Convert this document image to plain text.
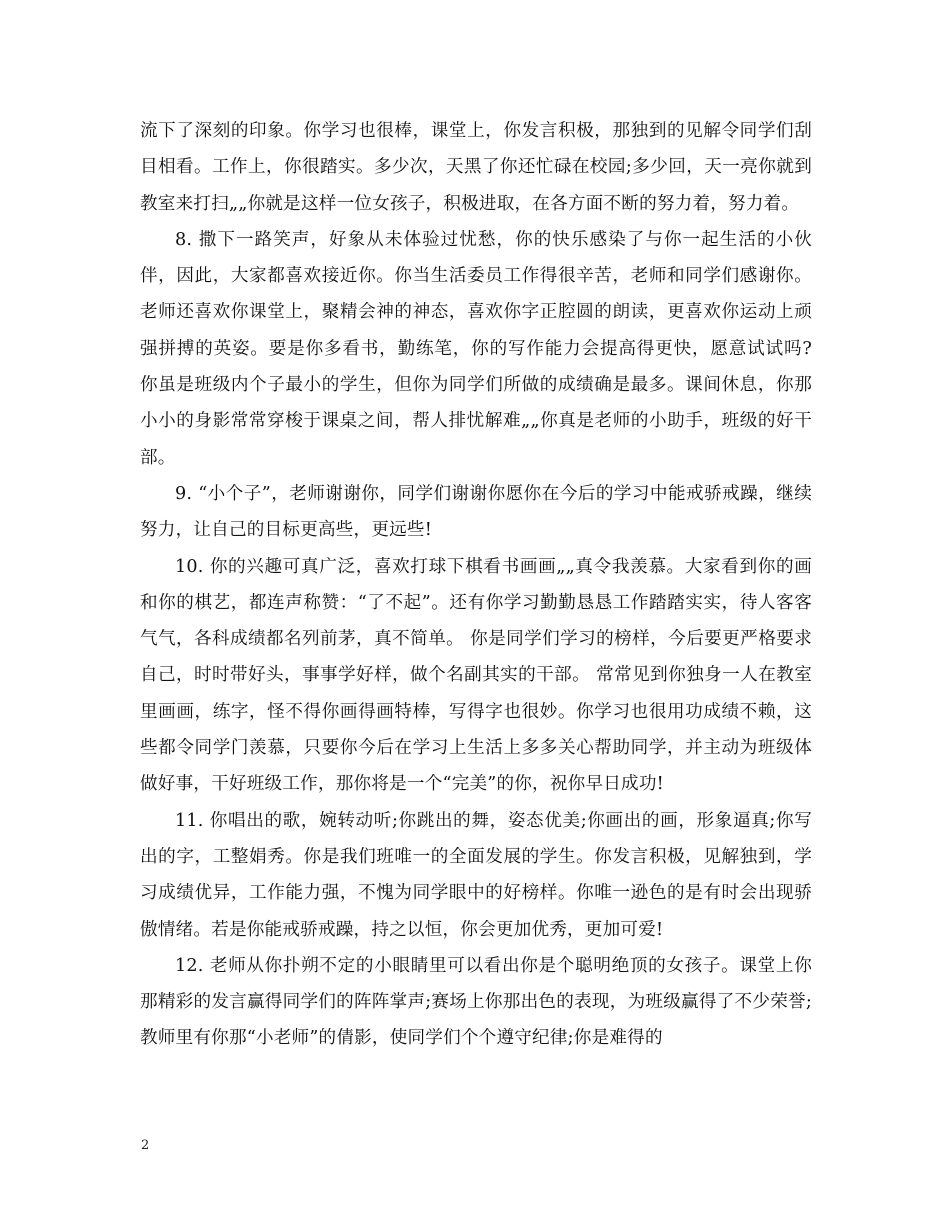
流下了深刻的印象。你学习也很棒，课堂上，你发言积极，那独到的见解令同学们刮目相看。工作上，你很踏实。多少次，天黑了你还忙碌在校园;多少回，天一亮你就到教室来打扫„„你就是这样一位女孩子，积极进取，在各方面不断的努力着，努力着。

8. 撒下一路笑声，好象从未体验过忧愁，你的快乐感染了与你一起生活的小伙伴，因此，大家都喜欢接近你。你当生活委员工作得很辛苦，老师和同学们感谢你。老师还喜欢你课堂上，聚精会神的神态，喜欢你字正腔圆的朗读，更喜欢你运动上顽强拼搏的英姿。要是你多看书，勤练笔，你的写作能力会提高得更快，愿意试试吗? 你虽是班级内个子最小的学生，但你为同学们所做的成绩确是最多。课间休息，你那小小的身影常常穿梭于课桌之间，帮人排忧解难„„你真是老师的小助手，班级的好干部。

9. “小个子”，老师谢谢你，同学们谢谢你愿你在今后的学习中能戒骄戒躁，继续努力，让自己的目标更高些，更远些!

10. 你的兴趣可真广泛，喜欢打球下棋看书画画„„真令我羡慕。大家看到你的画和你的棋艺，都连声称赞：“了不起”。还有你学习勤勤恳恳工作踏踏实实，待人客客气气，各科成绩都名列前茅，真不简单。 你是同学们学习的榜样，今后要更严格要求自己，时时带好头，事事学好样，做个名副其实的干部。 常常见到你独身一人在教室里画画，练字，怪不得你画得画特棒，写得字也很妙。你学习也很用功成绩不赖，这些都令同学门羡慕，只要你今后在学习上生活上多多关心帮助同学，并主动为班级体做好事，干好班级工作，那你将是一个“完美”的你，祝你早日成功!

11. 你唱出的歌，婉转动听;你跳出的舞，姿态优美;你画出的画，形象逼真;你写出的字，工整娟秀。你是我们班唯一的全面发展的学生。你发言积极，见解独到，学习成绩优异，工作能力强，不愧为同学眼中的好榜样。你唯一逊色的是有时会出现骄傲情绪。若是你能戒骄戒躁，持之以恒，你会更加优秀，更加可爱!

12. 老师从你扑朔不定的小眼睛里可以看出你是个聪明绝顶的女孩子。课堂上你那精彩的发言赢得同学们的阵阵掌声;赛场上你那出色的表现，为班级赢得了不少荣誉;教师里有你那“小老师”的倩影，使同学们个个遵守纪律;你是难得的

2
